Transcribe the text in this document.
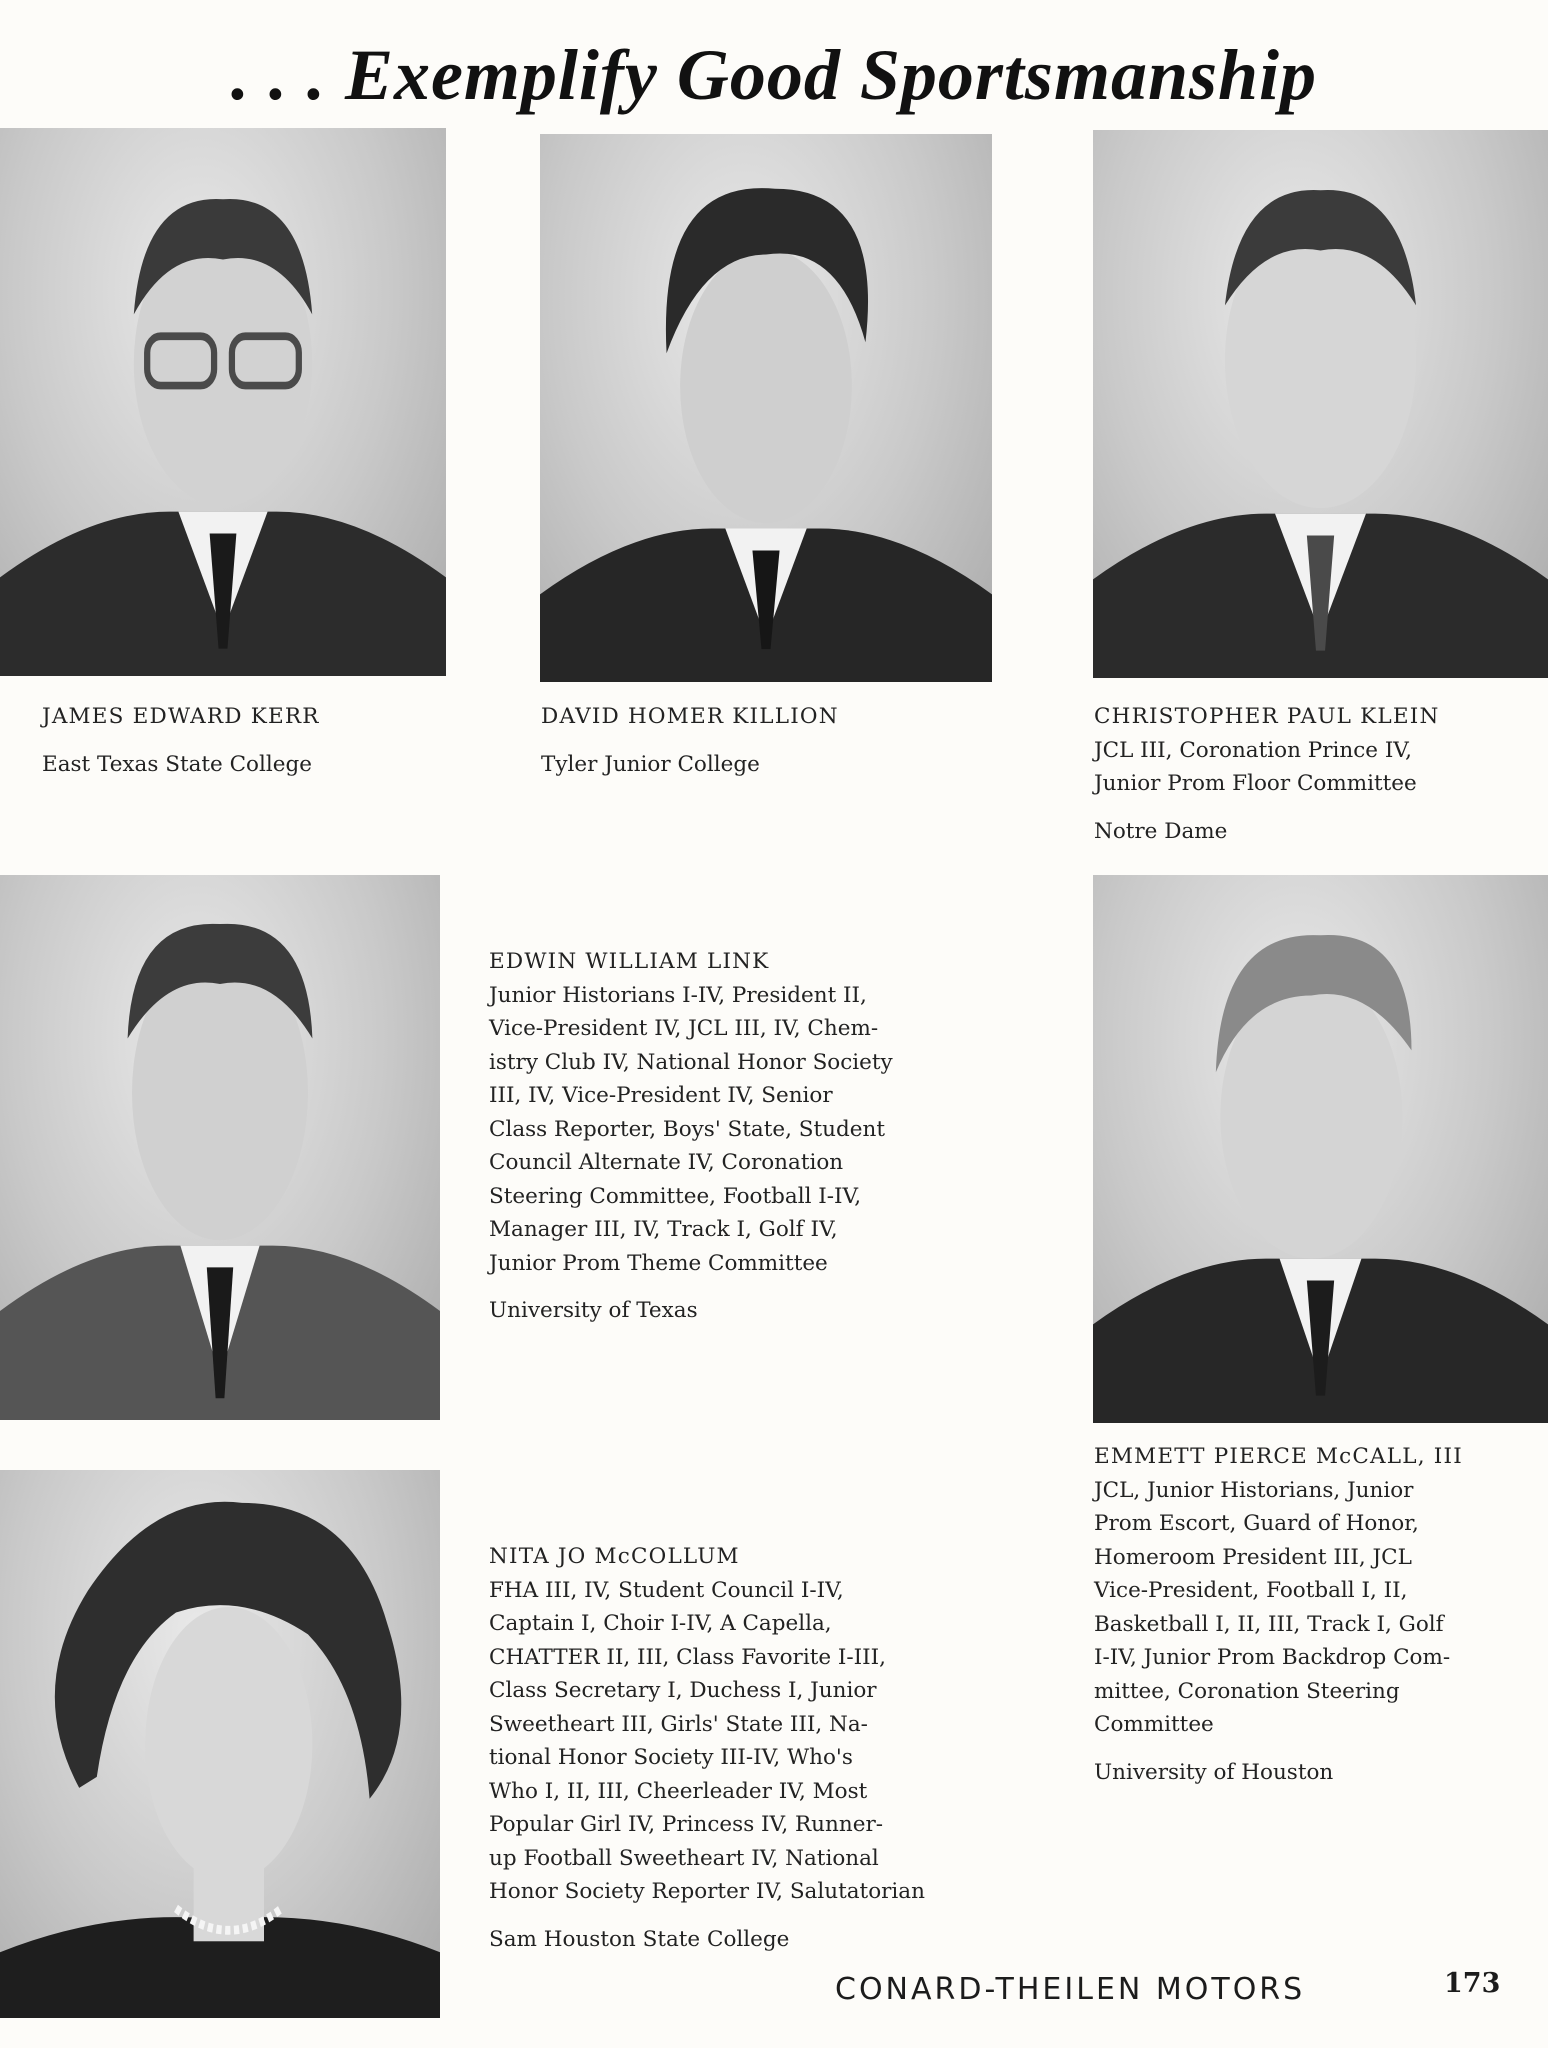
. . . Exemplify Good Sportsmanship

JAMES EDWARD KERR

East Texas State College

DAVID HOMER KILLION

Tyler Junior College

CHRISTOPHER PAUL KLEIN

JCL III, Coronation Prince IV,

Junior Prom Floor Committee

Notre Dame

EDWIN WILLIAM LINK

Junior Historians I-IV, President II,

Vice-President IV, JCL III, IV, Chem-

istry Club IV, National Honor Society

III, IV, Vice-President IV, Senior

Class Reporter, Boys' State, Student

Council Alternate IV, Coronation

Steering Committee, Football I-IV,

Manager III, IV, Track I, Golf IV,

Junior Prom Theme Committee

University of Texas

EMMETT PIERCE McCALL, III

JCL, Junior Historians, Junior

Prom Escort, Guard of Honor,

Homeroom President III, JCL

Vice-President, Football I, II,

Basketball I, II, III, Track I, Golf

I-IV, Junior Prom Backdrop Com-

mittee, Coronation Steering

Committee

University of Houston

NITA JO McCOLLUM

FHA III, IV, Student Council I-IV,

Captain I, Choir I-IV, A Capella,

CHATTER II, III, Class Favorite I-III,

Class Secretary I, Duchess I, Junior

Sweetheart III, Girls' State III, Na-

tional Honor Society III-IV, Who's

Who I, II, III, Cheerleader IV, Most

Popular Girl IV, Princess IV, Runner-

up Football Sweetheart IV, National

Honor Society Reporter IV, Salutatorian

Sam Houston State College

CONARD-THEILEN MOTORS	173
